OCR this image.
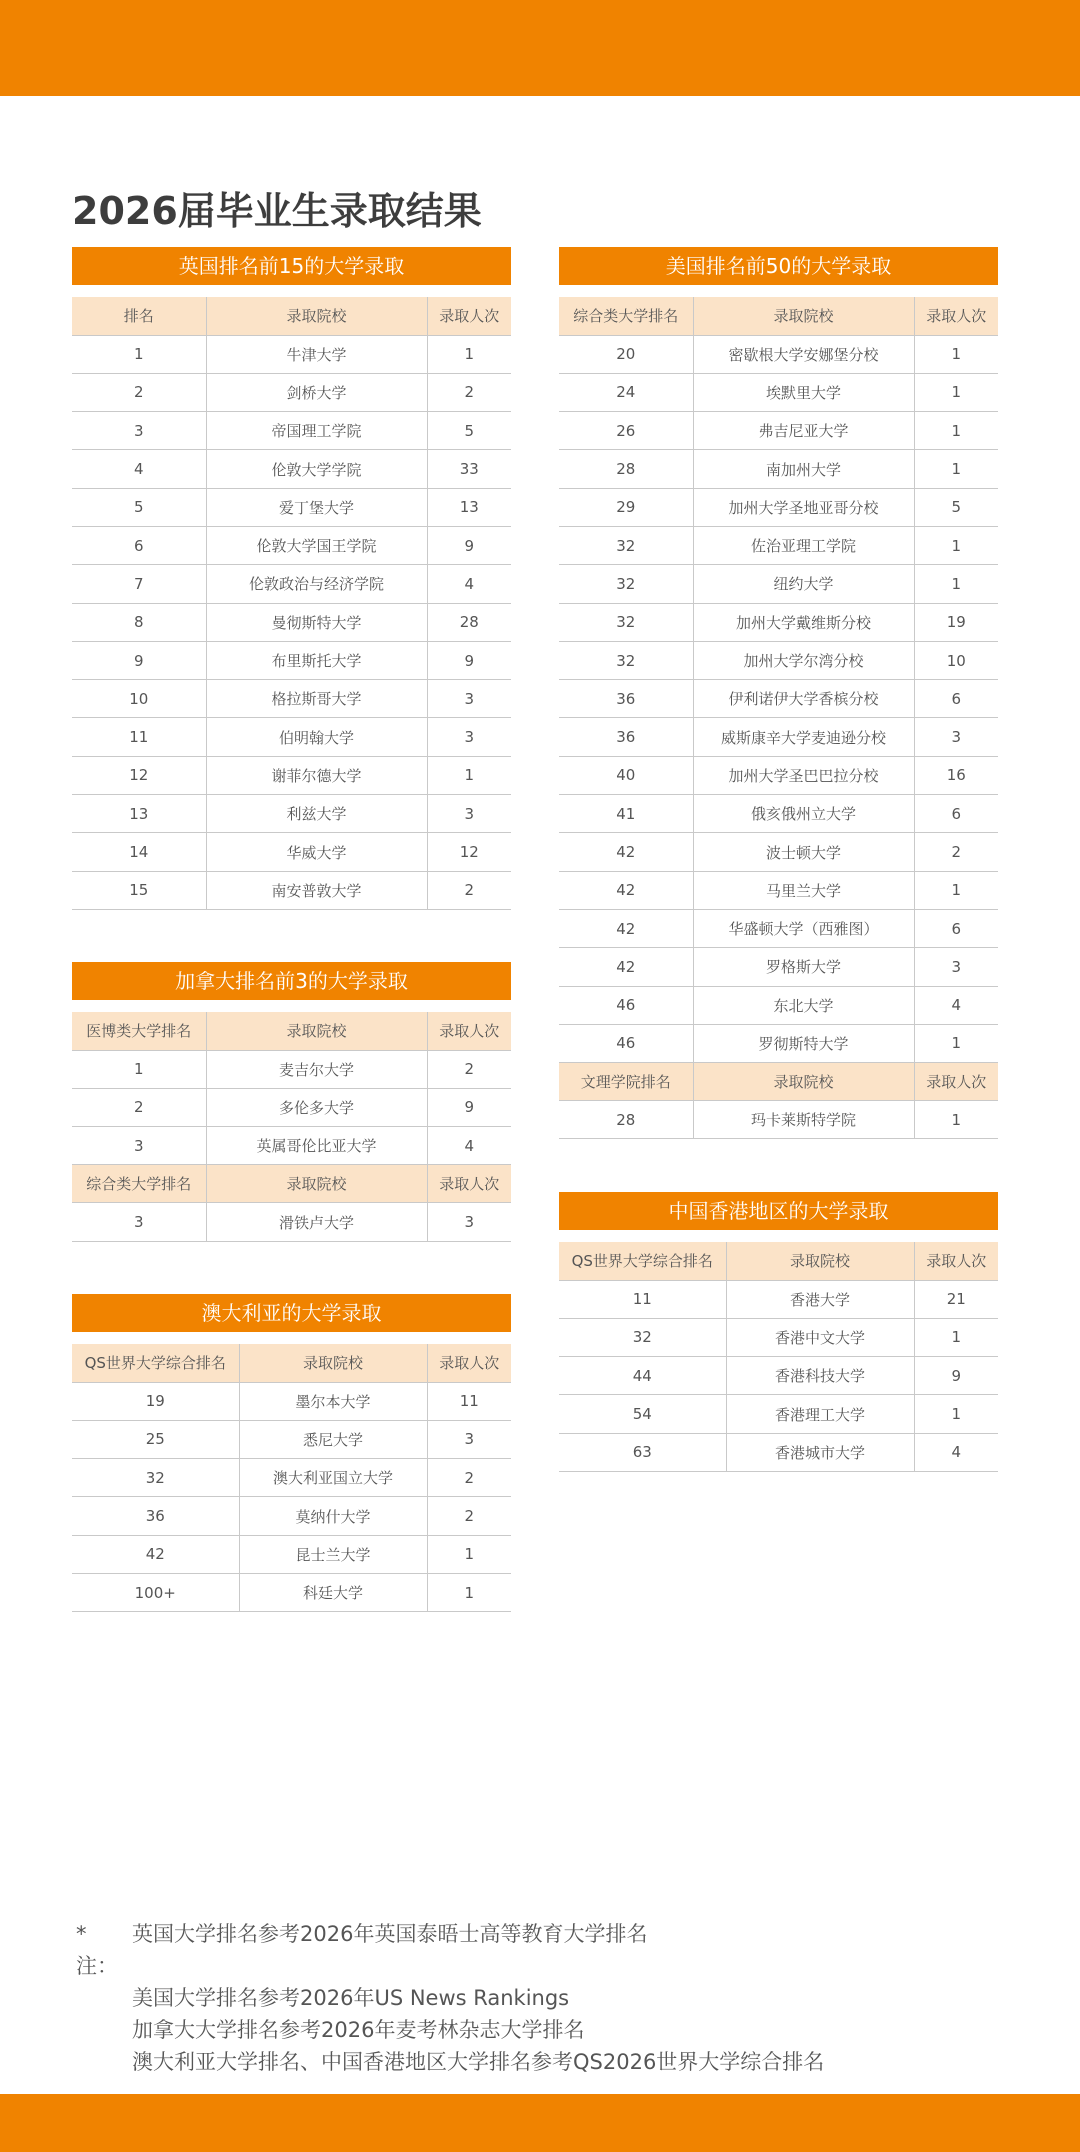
2026届毕业生录取结果
英国排名前15的大学录取
排名	录取院校	录取人次
1	牛津大学	1
2	剑桥大学	2
3	帝国理工学院	5
4	伦敦大学学院	33
5	爱丁堡大学	13
6	伦敦大学国王学院	9
7	伦敦政治与经济学院	4
8	曼彻斯特大学	28
9	布里斯托大学	9
10	格拉斯哥大学	3
11	伯明翰大学	3
12	谢菲尔德大学	1
13	利兹大学	3
14	华威大学	12
15	南安普敦大学	2
加拿大排名前3的大学录取
医博类大学排名	录取院校	录取人次
1	麦吉尔大学	2
2	多伦多大学	9
3	英属哥伦比亚大学	4
综合类大学排名	录取院校	录取人次
3	滑铁卢大学	3
澳大利亚的大学录取
QS世界大学综合排名	录取院校	录取人次
19	墨尔本大学	11
25	悉尼大学	3
32	澳大利亚国立大学	2
36	莫纳什大学	2
42	昆士兰大学	1
100+	科廷大学	1
美国排名前50的大学录取
综合类大学排名	录取院校	录取人次
20	密歇根大学安娜堡分校	1
24	埃默里大学	1
26	弗吉尼亚大学	1
28	南加州大学	1
29	加州大学圣地亚哥分校	5
32	佐治亚理工学院	1
32	纽约大学	1
32	加州大学戴维斯分校	19
32	加州大学尔湾分校	10
36	伊利诺伊大学香槟分校	6
36	威斯康辛大学麦迪逊分校	3
40	加州大学圣巴巴拉分校	16
41	俄亥俄州立大学	6
42	波士顿大学	2
42	马里兰大学	1
42	华盛顿大学（西雅图）	6
42	罗格斯大学	3
46	东北大学	4
46	罗彻斯特大学	1
文理学院排名	录取院校	录取人次
28	玛卡莱斯特学院	1
中国香港地区的大学录取
QS世界大学综合排名	录取院校	录取人次
11	香港大学	21
32	香港中文大学	1
44	香港科技大学	9
54	香港理工大学	1
63	香港城市大学	4
* 注：
英国大学排名参考2026年英国泰晤士高等教育大学排名
美国大学排名参考2026年US News Rankings
加拿大大学排名参考2026年麦考林杂志大学排名
澳大利亚大学排名、中国香港地区大学排名参考QS2026世界大学综合排名
